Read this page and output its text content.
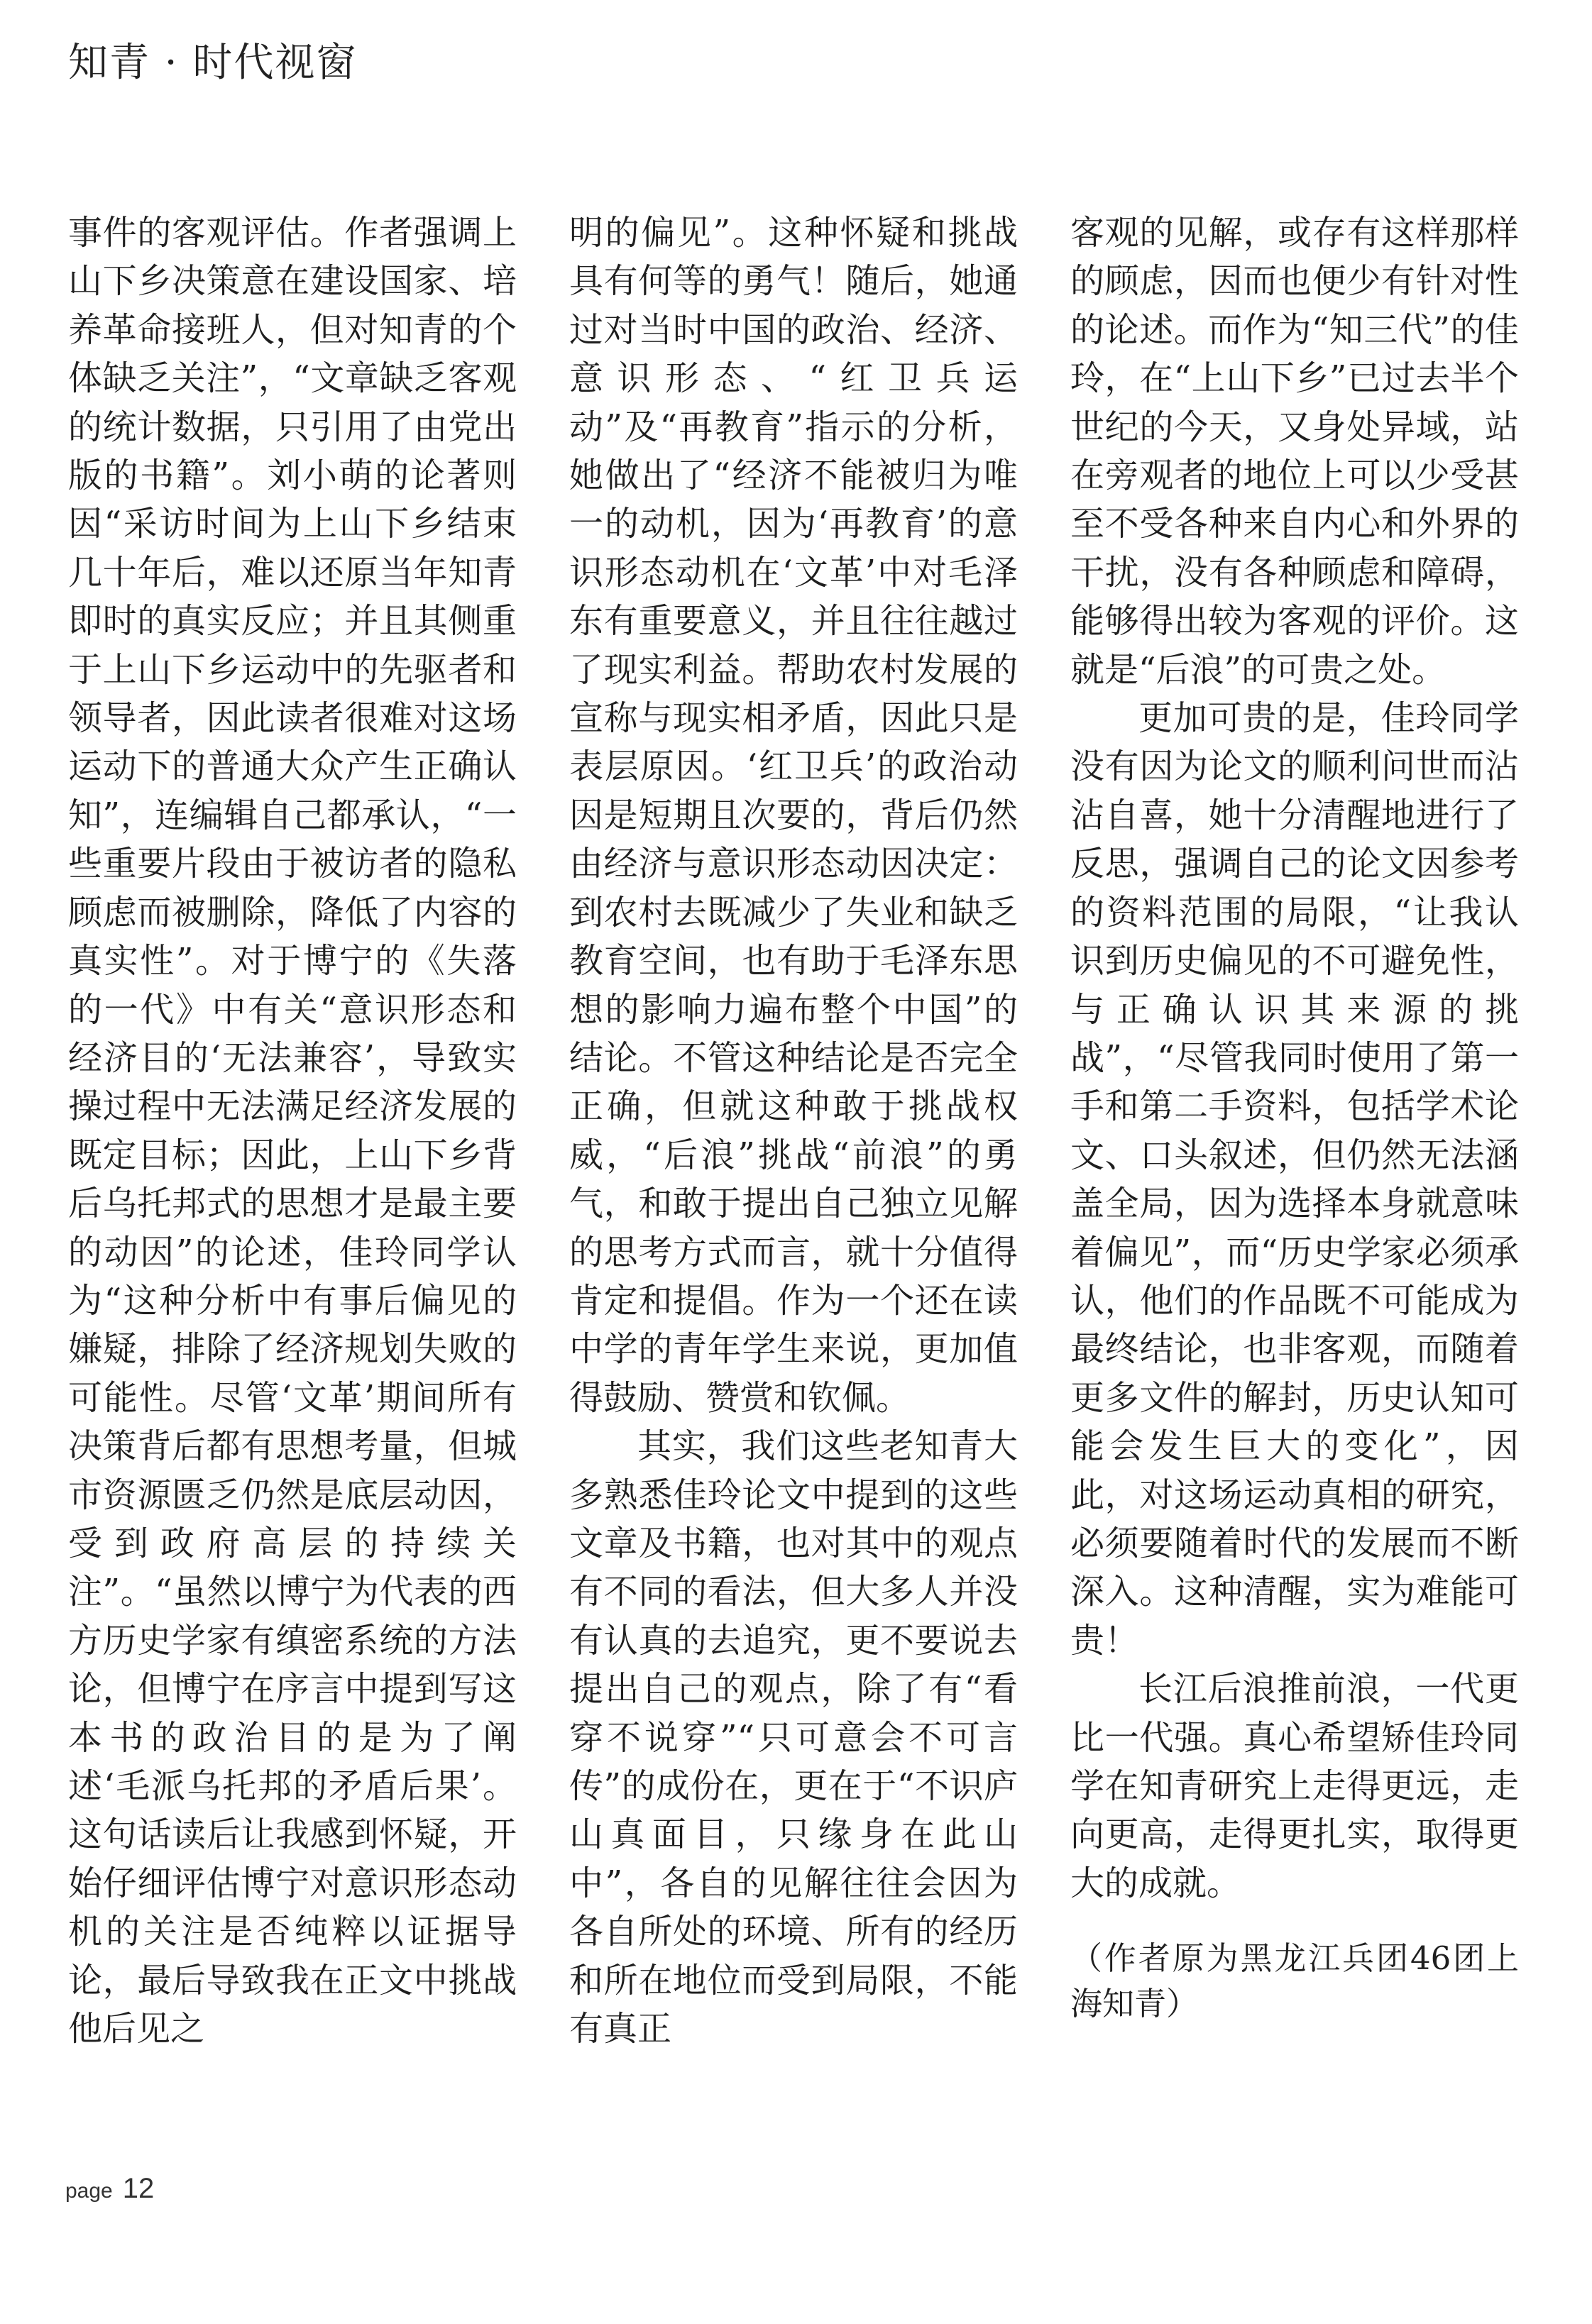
知青 · 时代视窗

事件的客观评估。作者强调上山下乡决策意在建设国家、培养革命接班人，但对知青的个体缺乏关注”，“文章缺乏客观的统计数据，只引用了由党出版的书籍”。刘小萌的论著则因“采访时间为上山下乡结束几十年后，难以还原当年知青即时的真实反应；并且其侧重于上山下乡运动中的先驱者和领导者，因此读者很难对这场运动下的普通大众产生正确认知”，连编辑自己都承认，“一些重要片段由于被访者的隐私顾虑而被删除，降低了内容的真实性”。对于博宁的《失落的一代》中有关“意识形态和经济目的‘无法兼容’，导致实操过程中无法满足经济发展的既定目标；因此，上山下乡背后乌托邦式的思想才是最主要的动因”的论述，佳玲同学认为“这种分析中有事后偏见的嫌疑，排除了经济规划失败的可能性。尽管‘文革’期间所有决策背后都有思想考量，但城市资源匮乏仍然是底层动因，受到政府高层的持续关注”。“虽然以博宁为代表的西方历史学家有缜密系统的方法论，但博宁在序言中提到写这本书的政治目的是为了阐述‘毛派乌托邦的矛盾后果’。这句话读后让我感到怀疑，开始仔细评估博宁对意识形态动机的关注是否纯粹以证据导论，最后导致我在正文中挑战他后见之

明的偏见”。这种怀疑和挑战具有何等的勇气！随后，她通过对当时中国的政治、经济、意识形态、“红卫兵运动”及“再教育”指示的分析，她做出了“经济不能被归为唯一的动机，因为‘再教育’的意识形态动机在‘文革’中对毛泽东有重要意义，并且往往越过了现实利益。帮助农村发展的宣称与现实相矛盾，因此只是表层原因。‘红卫兵’的政治动因是短期且次要的，背后仍然由经济与意识形态动因决定：到农村去既减少了失业和缺乏教育空间，也有助于毛泽东思想的影响力遍布整个中国”的结论。不管这种结论是否完全正确，但就这种敢于挑战权威，“后浪”挑战“前浪”的勇气，和敢于提出自己独立见解的思考方式而言，就十分值得肯定和提倡。作为一个还在读中学的青年学生来说，更加值得鼓励、赞赏和钦佩。

其实，我们这些老知青大多熟悉佳玲论文中提到的这些文章及书籍，也对其中的观点有不同的看法，但大多人并没有认真的去追究，更不要说去提出自己的观点，除了有“看穿不说穿”“只可意会不可言传”的成份在，更在于“不识庐山真面目，只缘身在此山中”，各自的见解往往会因为各自所处的环境、所有的经历和所在地位而受到局限，不能有真正

客观的见解，或存有这样那样的顾虑，因而也便少有针对性的论述。而作为“知三代”的佳玲，在“上山下乡”已过去半个世纪的今天，又身处异域，站在旁观者的地位上可以少受甚至不受各种来自内心和外界的干扰，没有各种顾虑和障碍，能够得出较为客观的评价。这就是“后浪”的可贵之处。

更加可贵的是，佳玲同学没有因为论文的顺利问世而沾沾自喜，她十分清醒地进行了反思，强调自己的论文因参考的资料范围的局限，“让我认识到历史偏见的不可避免性，与正确认识其来源的挑战”，“尽管我同时使用了第一手和第二手资料，包括学术论文、口头叙述，但仍然无法涵盖全局，因为选择本身就意味着偏见”，而“历史学家必须承认，他们的作品既不可能成为最终结论，也非客观，而随着更多文件的解封，历史认知可能会发生巨大的变化”，因此，对这场运动真相的研究，必须要随着时代的发展而不断深入。这种清醒，实为难能可贵！

长江后浪推前浪，一代更比一代强。真心希望矫佳玲同学在知青研究上走得更远，走向更高，走得更扎实，取得更大的成就。

（作者原为黑龙江兵团46团上海知青）

page 12
